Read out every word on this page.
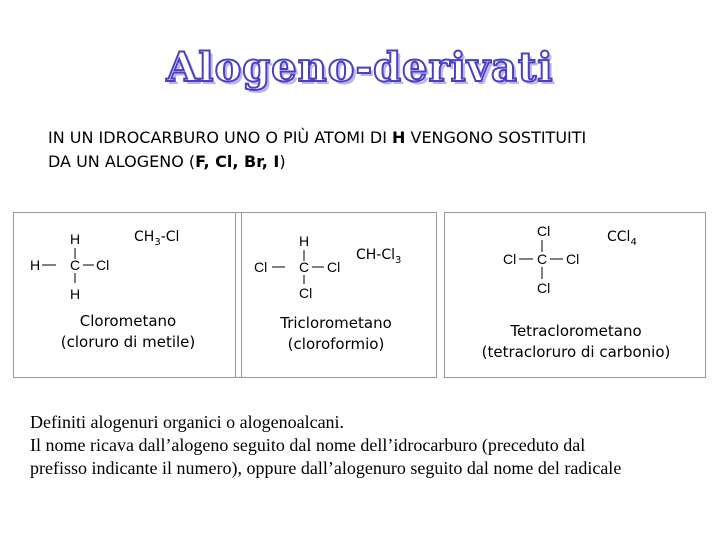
Alogeno-derivati
IN UN IDROCARBURO UNO O PIÙ ATOMI DI H VENGONO SOSTITUITI
DA UN ALOGENO (F, Cl, Br, I)
H
H C Cl
H
$CH_3-Cl$
Clorometano
(cloruro di metile)
H
Cl C Cl
Cl
$CH-Cl_3$
Triclorometano
(cloroformio)
Cl
Cl C Cl
Cl
CCl$_4$
Tetraclorometano
(tetracloruro di carbonio)
Definiti alogenuri organici o alogenoalcani.
Il nome ricava dall’alogeno seguito dal nome dell’idrocarburo (preceduto dal
prefisso indicante il numero), oppure dall’alogenuro seguito dal nome del radicale
